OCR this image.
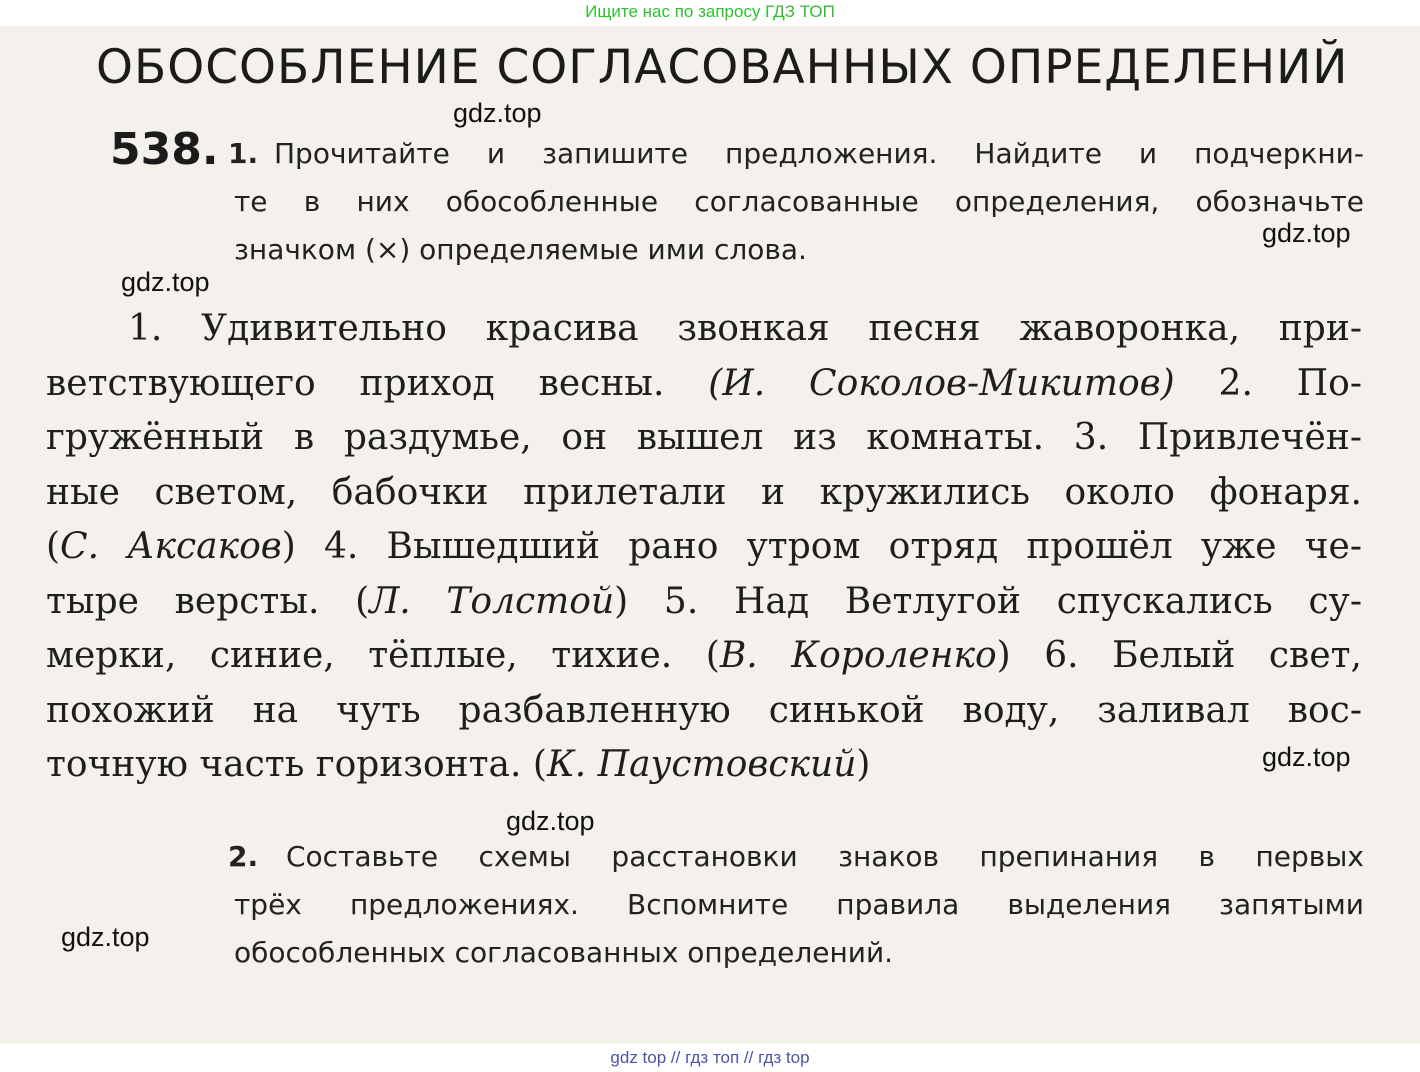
Ищите нас по запросу ГДЗ ТОП
ОБОСОБЛЕНИЕ СОГЛАСОВАННЫХ ОПРЕДЕЛЕНИЙ
538. 1. Прочитайте и запишите предложения. Найдите и подчеркни-
те в них обособленные согласованные определения, обозначьте
значком (×) определяемые ими слова.
1. Удивительно красива звонкая песня жаворонка, при-
ветствующего приход весны. (И. Соколов-Микитов) 2. По-
гружённый в раздумье, он вышел из комнаты. 3. Привлечён-
ные светом, бабочки прилетали и кружились около фонаря.
(С. Аксаков) 4. Вышедший рано утром отряд прошёл уже че-
тыре версты. (Л. Толстой) 5. Над Ветлугой спускались су-
мерки, синие, тёплые, тихие. (В. Короленко) 6. Белый свет,
похожий на чуть разбавленную синькой воду, заливал вос-
точную часть горизонта. (К. Паустовский)
2. Составьте схемы расстановки знаков препинания в первых
трёх предложениях. Вспомните правила выделения запятыми
обособленных согласованных определений.
gdz.top
gdz.top
gdz.top
gdz.top
gdz.top
gdz.top
gdz top // гдз топ // гдз top
